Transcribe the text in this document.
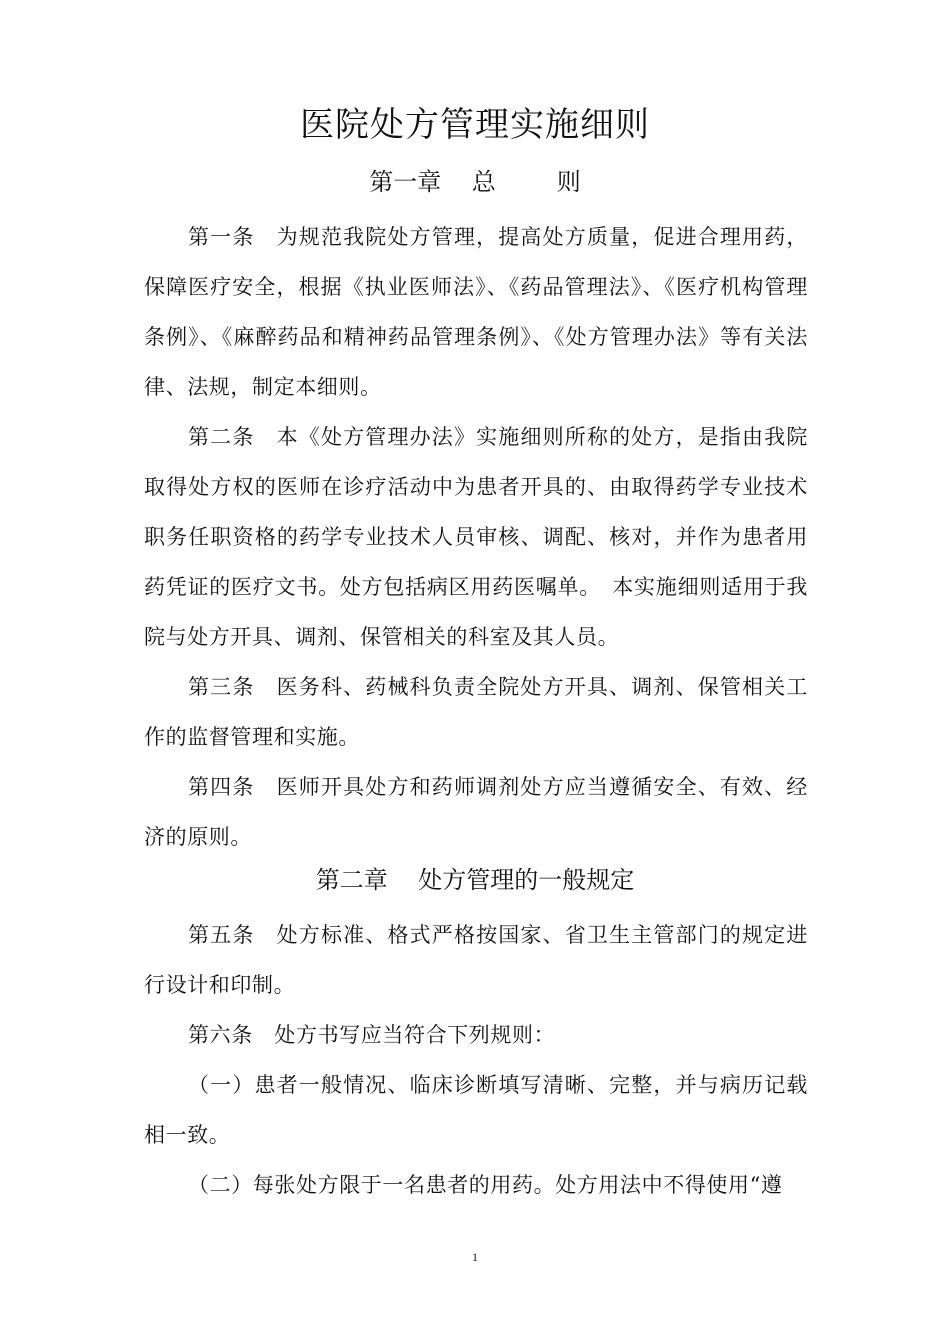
医院处方管理实施细则
第一章    总        则

第一条　为规范我院处方管理，提高处方质量，促进合理用药，保障医疗安全，根据《执业医师法》、《药品管理法》、《医疗机构管理条例》、《麻醉药品和精神药品管理条例》、《处方管理办法》等有关法律、法规，制定本细则。

第二条　本《处方管理办法》实施细则所称的处方，是指由我院取得处方权的医师在诊疗活动中为患者开具的、由取得药学专业技术职务任职资格的药学专业技术人员审核、调配、核对，并作为患者用药凭证的医疗文书。处方包括病区用药医嘱单。　本实施细则适用于我院与处方开具、调剂、保管相关的科室及其人员。

第三条　医务科、药械科负责全院处方开具、调剂、保管相关工作的监督管理和实施。

第四条　医师开具处方和药师调剂处方应当遵循安全、有效、经济的原则。

第二章    处方管理的一般规定

第五条　处方标准、格式严格按国家、省卫生主管部门的规定进行设计和印制。

第六条　处方书写应当符合下列规则：

（一）患者一般情况、临床诊断填写清晰、完整，并与病历记载相一致。

（二）每张处方限于一名患者的用药。处方用法中不得使用“遵

1
